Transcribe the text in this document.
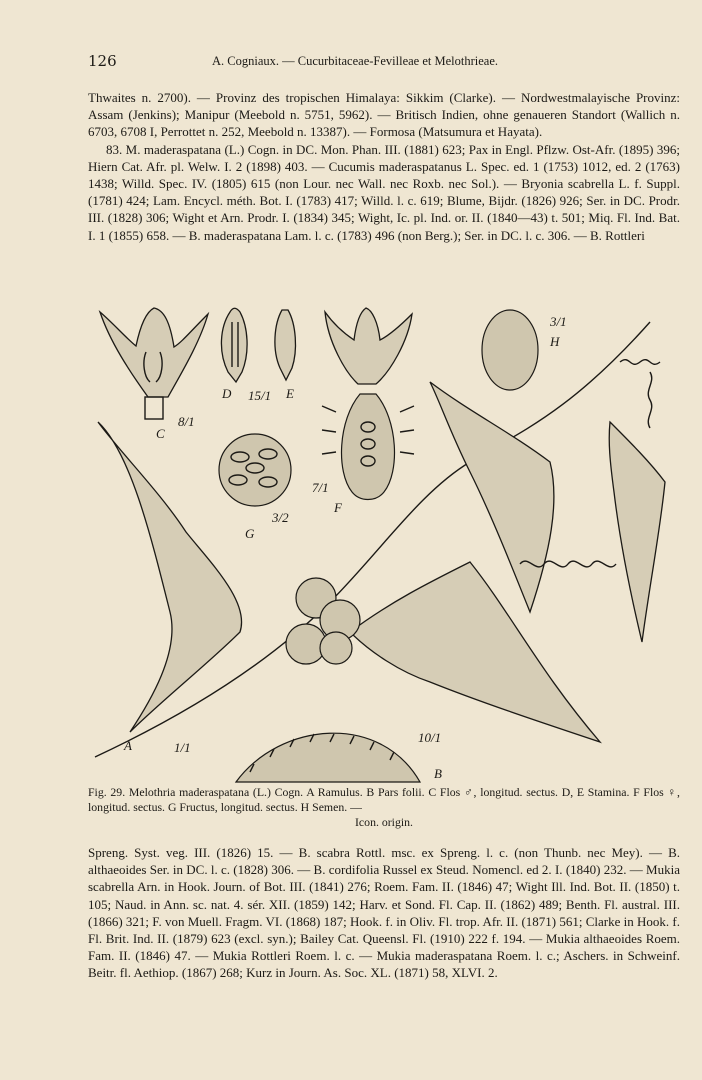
126	A. Cogniaux. — Cucurbitaceae-Fevilleae et Melothrieae.

Thwaites n. 2700). — Provinz des tropischen Himalaya: Sikkim (Clarke). — Nordwestmalayische Provinz: Assam (Jenkins); Manipur (Meebold n. 5751, 5962). — Britisch Indien, ohne genaueren Standort (Wallich n. 6703, 6708 I, Perrottet n. 252, Meebold n. 13387). — Formosa (Matsumura et Hayata).

83. M. maderaspatana (L.) Cogn. in DC. Mon. Phan. III. (1881) 623; Pax in Engl. Pflzw. Ost-Afr. (1895) 396; Hiern Cat. Afr. pl. Welw. I. 2 (1898) 403. — Cucumis maderaspatanus L. Spec. ed. 1 (1753) 1012, ed. 2 (1763) 1438; Willd. Spec. IV. (1805) 615 (non Lour. nec Wall. nec Roxb. nec Sol.). — Bryonia scabrella L. f. Suppl. (1781) 424; Lam. Encycl. méth. Bot. I. (1783) 417; Willd. l. c. 619; Blume, Bijdr. (1826) 926; Ser. in DC. Prodr. III. (1828) 306; Wight et Arn. Prodr. I. (1834) 345; Wight, Ic. pl. Ind. or. II. (1840—43) t. 501; Miq. Fl. Ind. Bat. I. 1 (1855) 658. — B. maderaspatana Lam. l. c. (1783) 496 (non Berg.); Ser. in DC. l. c. 306. — B. Rottleri

C
8/1
D 15/1 E
F
7/1
G
3/2
H
3/1
A	1/1
B
10/1
Fig. 29. Melothria maderaspatana (L.) Cogn. A Ramulus. B Pars folii. C Flos ♂, longitud. sectus. D, E Stamina. F Flos ♀, longitud. sectus. G Fructus, longitud. sectus. H Semen. —
Icon. origin.

Spreng. Syst. veg. III. (1826) 15. — B. scabra Rottl. msc. ex Spreng. l. c. (non Thunb. nec Mey). — B. althaeoides Ser. in DC. l. c. (1828) 306. — B. cordifolia Russel ex Steud. Nomencl. ed 2. I. (1840) 232. — Mukia scabrella Arn. in Hook. Journ. of Bot. III. (1841) 276; Roem. Fam. II. (1846) 47; Wight Ill. Ind. Bot. II. (1850) t. 105; Naud. in Ann. sc. nat. 4. sér. XII. (1859) 142; Harv. et Sond. Fl. Cap. II. (1862) 489; Benth. Fl. austral. III. (1866) 321; F. von Muell. Fragm. VI. (1868) 187; Hook. f. in Oliv. Fl. trop. Afr. II. (1871) 561; Clarke in Hook. f. Fl. Brit. Ind. II. (1879) 623 (excl. syn.); Bailey Cat. Queensl. Fl. (1910) 222 f. 194. — Mukia althaeoides Roem. Fam. II. (1846) 47. — Mukia Rottleri Roem. l. c. — Mukia maderaspatana Roem. l. c.; Aschers. in Schweinf. Beitr. fl. Aethiop. (1867) 268; Kurz in Journ. As. Soc. XL. (1871) 58, XLVI. 2.
